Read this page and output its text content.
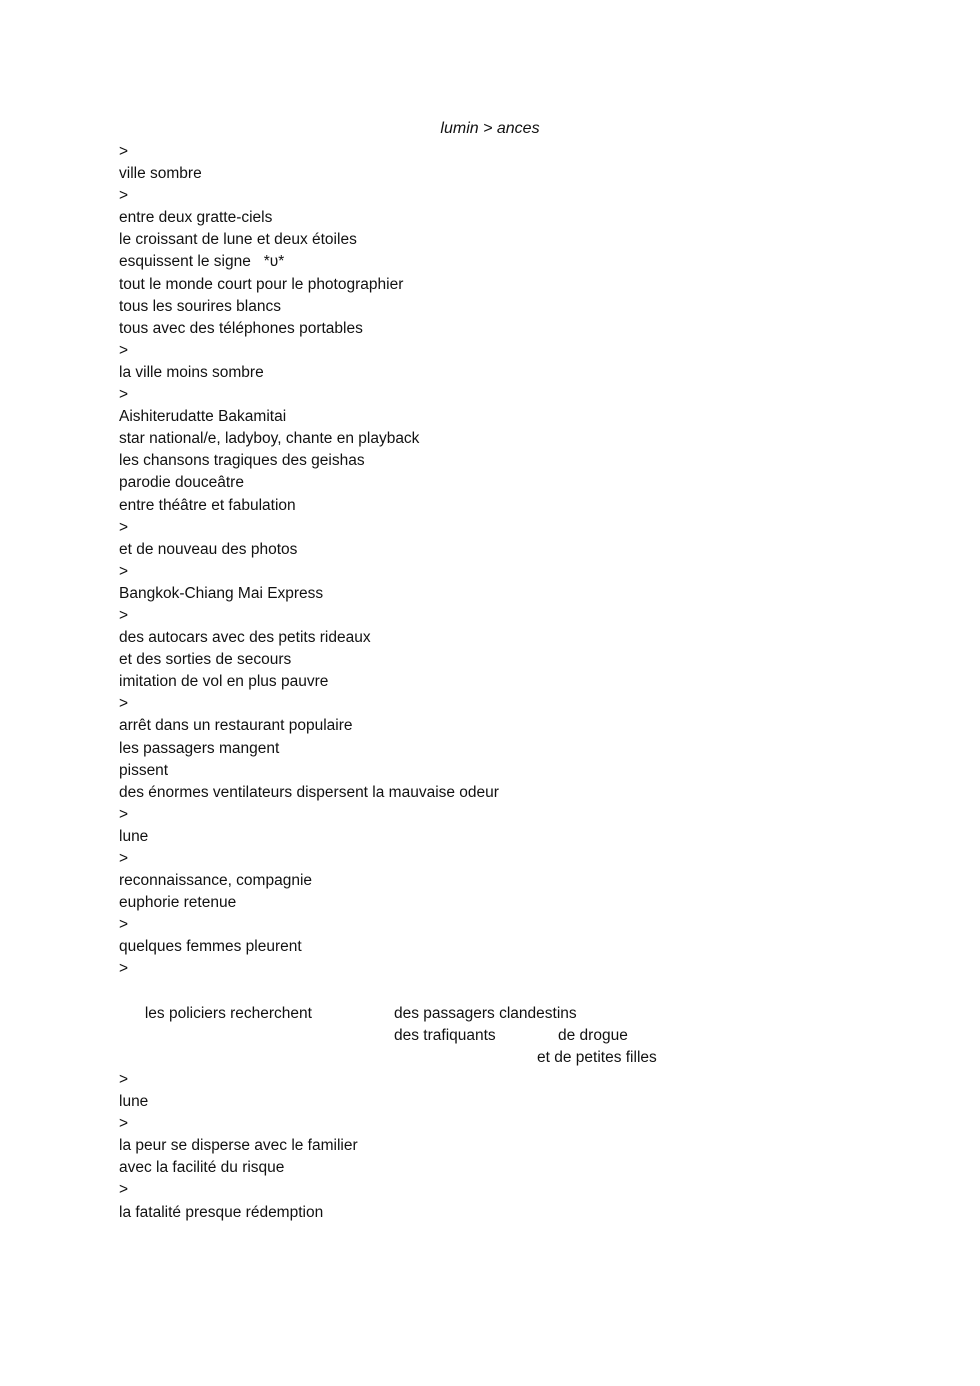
lumin > ances
>
ville sombre
>
entre deux gratte-ciels
le croissant de lune et deux étoiles
esquissent le signe   *υ*
tout le monde court pour le photographier
tous les sourires blancs
tous avec des téléphones portables
>
la ville moins sombre
>
Aishiterudatte Bakamitai
star national/e, ladyboy, chante en playback
les chansons tragiques des geishas
parodie douceâtre
entre théâtre et fabulation
>
et de nouveau des photos
>
Bangkok-Chiang Mai Express
>
des autocars avec des petits rideaux
et des sorties de secours
imitation de vol en plus pauvre
>
arrêt dans un restaurant populaire
les passagers mangent
pissent
des énormes ventilateurs dispersent la mauvaise odeur
>
lune
>
reconnaissance, compagnie
euphorie retenue
>
quelques femmes pleurent
>

les policiers recherchent	des passagers clandestins

des trafiquants	de drogue

et de petites filles

>
lune
>
la peur se disperse avec le familier
avec la facilité du risque
>
la fatalité presque rédemption
